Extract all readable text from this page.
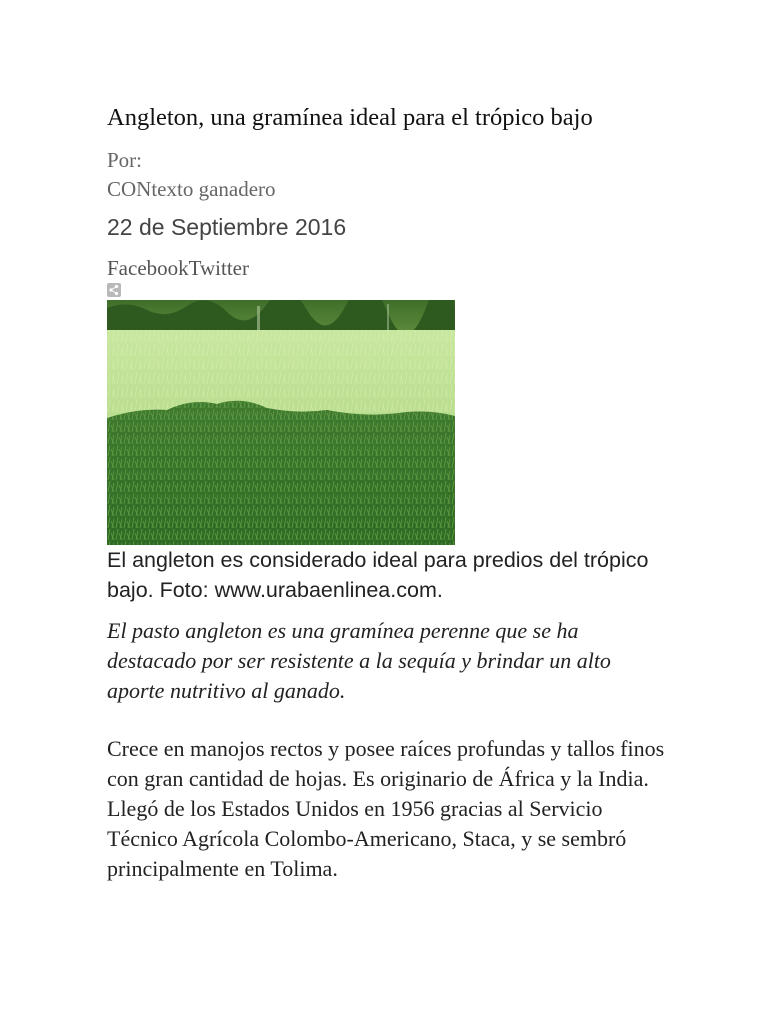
Angleton, una gramínea ideal para el trópico bajo
Por:
CONtexto ganadero
22 de Septiembre 2016
FacebookTwitter

El angleton es considerado ideal para predios del trópico bajo. Foto: www.urabaenlinea.com.

El pasto angleton es una gramínea perenne que se ha destacado por ser resistente a la sequía y brindar un alto aporte nutritivo al ganado.

Crece en manojos rectos y posee raíces profundas y tallos finos con gran cantidad de hojas. Es originario de África y la India. Llegó de los Estados Unidos en 1956 gracias al Servicio Técnico Agrícola Colombo-Americano, Staca, y se sembró principalmente en Tolima.
